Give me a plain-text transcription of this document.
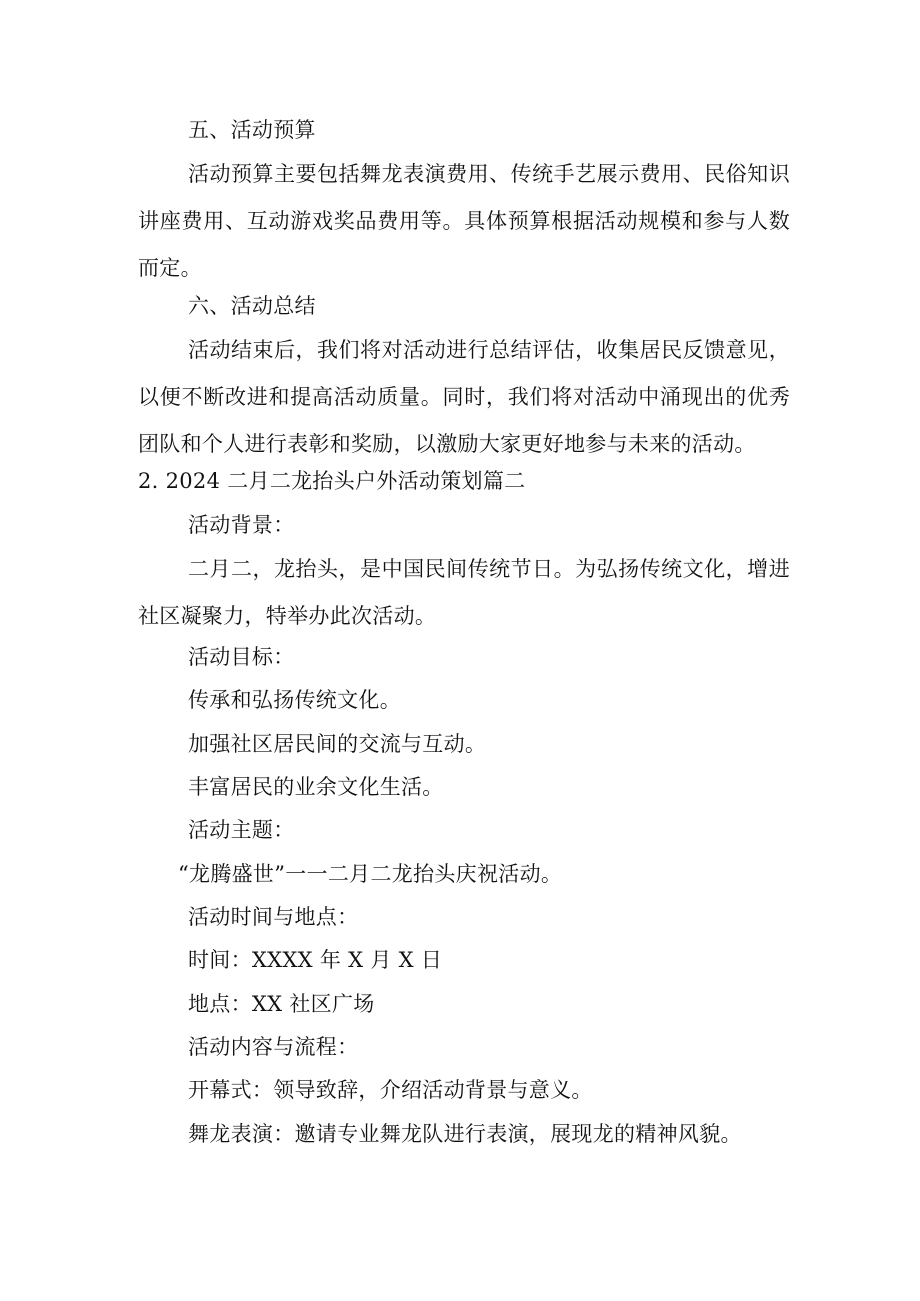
五、活动预算
活动预算主要包括舞龙表演费用、传统手艺展示费用、民俗知识讲座费用、互动游戏奖品费用等。具体预算根据活动规模和参与人数而定。
六、活动总结
活动结束后，我们将对活动进行总结评估，收集居民反馈意见，以便不断改进和提高活动质量。同时，我们将对活动中涌现出的优秀团队和个人进行表彰和奖励，以激励大家更好地参与未来的活动。
2. 2024 二月二龙抬头户外活动策划篇二
活动背景：
二月二，龙抬头，是中国民间传统节日。为弘扬传统文化，增进社区凝聚力，特举办此次活动。
活动目标：
传承和弘扬传统文化。
加强社区居民间的交流与互动。
丰富居民的业余文化生活。
活动主题：
“龙腾盛世”一一二月二龙抬头庆祝活动。
活动时间与地点：
时间：XXXX 年 X 月 X 日
地点：XX 社区广场
活动内容与流程：
开幕式：领导致辞，介绍活动背景与意义。
舞龙表演：邀请专业舞龙队进行表演，展现龙的精神风貌。
